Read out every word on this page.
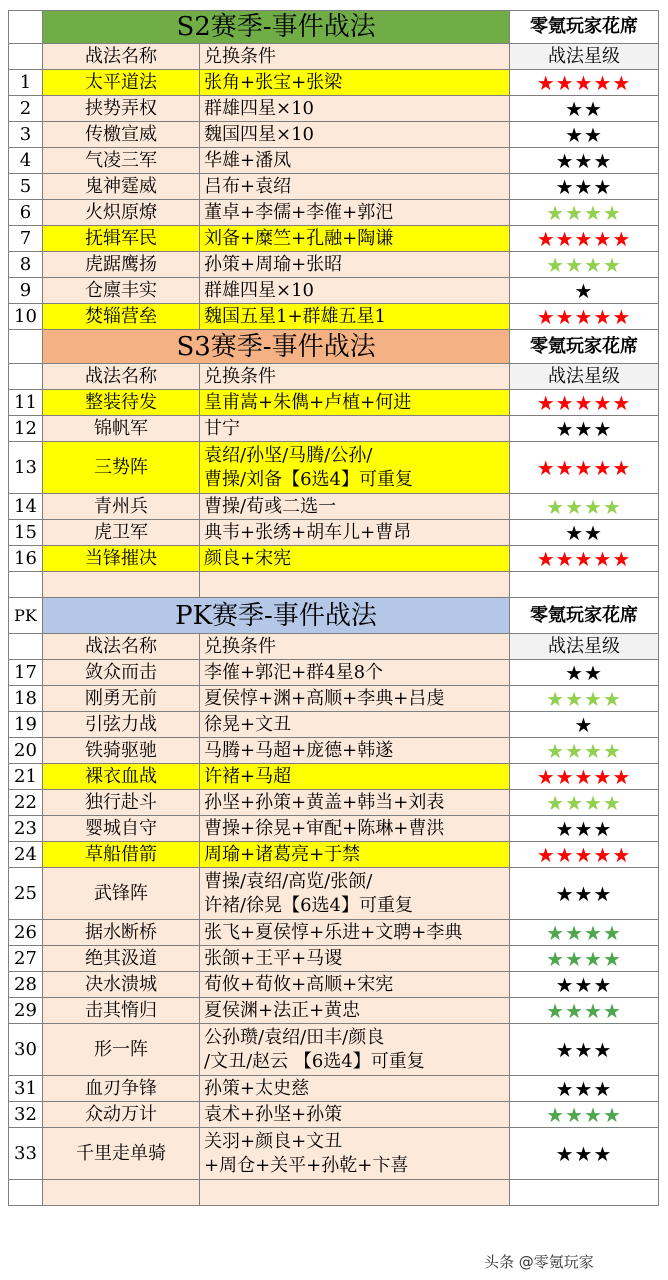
	S2赛季-事件战法		零氪玩家花席
	战法名称	兑换条件	战法星级
1	太平道法	张角+张宝+张梁	★★★★★
2	挟势弄权	群雄四星×10	★★
3	传檄宣威	魏国四星×10	★★
4	气凌三军	华雄+潘凤	★★★
5	鬼神霆威	吕布+袁绍	★★★
6	火炽原燎	董卓+李儒+李傕+郭汜	★★★★
7	抚辑军民	刘备+糜竺+孔融+陶谦	★★★★★
8	虎踞鹰扬	孙策+周瑜+张昭	★★★★
9	仓廪丰实	群雄四星×10	★
10	焚辎营垒	魏国五星1+群雄五星1	★★★★★
	S3赛季-事件战法		零氪玩家花席
	战法名称	兑换条件	战法星级
11	整装待发	皇甫嵩+朱儁+卢植+何进	★★★★★
12	锦帆军	甘宁	★★★
13	三势阵	袁绍/孙坚/马腾/公孙/
曹操/刘备【6选4】可重复	★★★★★
14	青州兵	曹操/荀彧二选一	★★★★
15	虎卫军	典韦+张绣+胡车儿+曹昂	★★
16	当锋摧决	颜良+宋宪	★★★★★

PK	PK赛季-事件战法		零氪玩家花席
	战法名称	兑换条件	战法星级
17	敛众而击	李傕+郭汜+群4星8个	★★
18	刚勇无前	夏侯惇+渊+高顺+李典+吕虔	★★★★
19	引弦力战	徐晃+文丑	★
20	铁骑驱驰	马腾+马超+庞德+韩遂	★★★★
21	裸衣血战	许褚+马超	★★★★★
22	独行赴斗	孙坚+孙策+黄盖+韩当+刘表	★★★★
23	婴城自守	曹操+徐晃+审配+陈琳+曹洪	★★★
24	草船借箭	周瑜+诸葛亮+于禁	★★★★★
25	武锋阵	曹操/袁绍/高览/张颌/
许褚/徐晃【6选4】可重复	★★★
26	据水断桥	张飞+夏侯惇+乐进+文聘+李典	★★★★
27	绝其汲道	张颌+王平+马谡	★★★★
28	决水溃城	荀攸+荀攸+高顺+宋宪	★★★
29	击其惰归	夏侯渊+法正+黄忠	★★★★
30	形一阵	公孙瓒/袁绍/田丰/颜良
/文丑/赵云 【6选4】可重复	★★★
31	血刃争锋	孙策+太史慈	★★★
32	众动万计	袁术+孙坚+孙策	★★★★
33	千里走单骑	关羽+颜良+文丑
+周仓+关平+孙乾+卞喜	★★★

头条 @零氪玩家
